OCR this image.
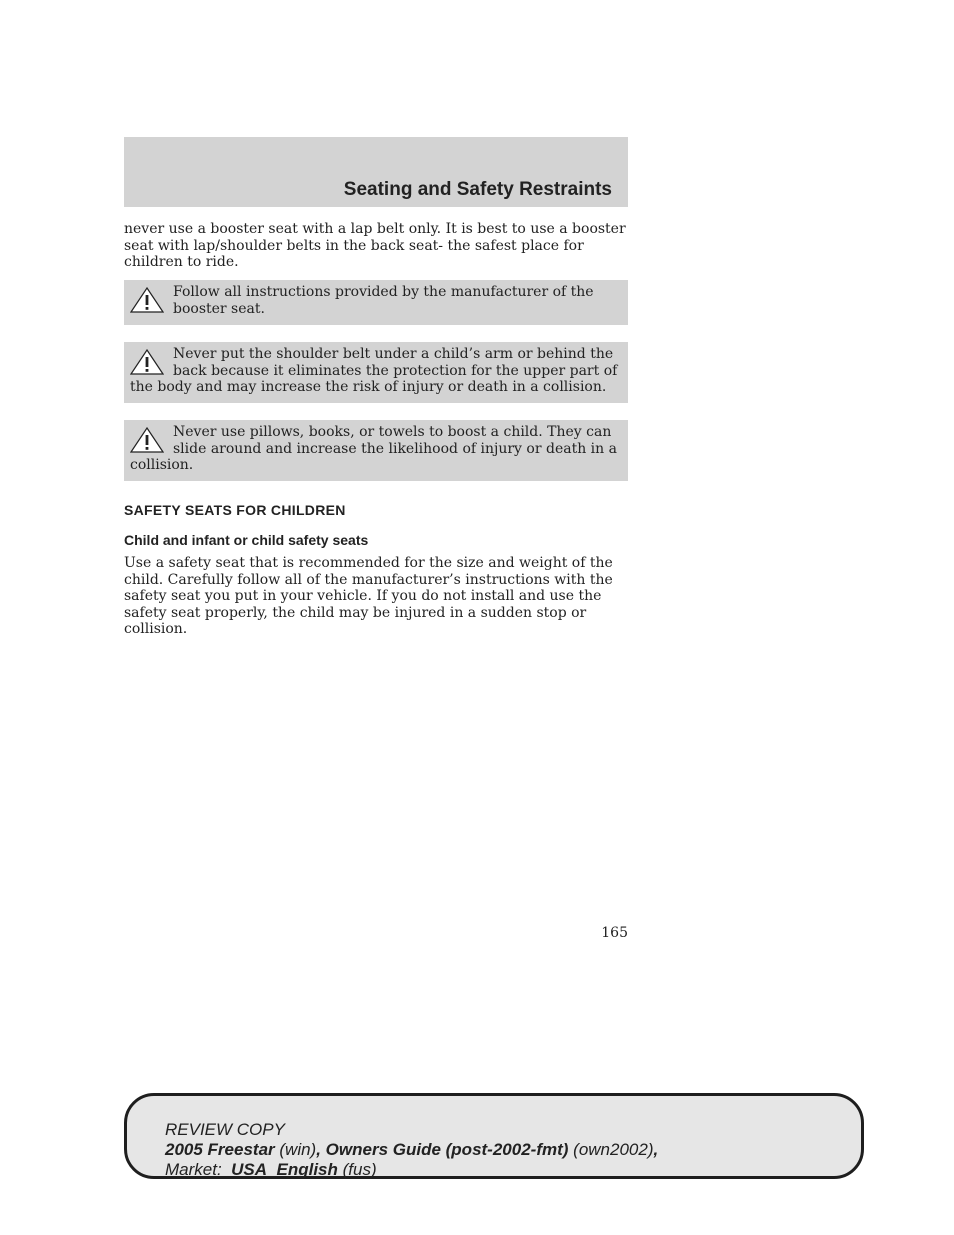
Seating and Safety Restraints
never use a booster seat with a lap belt only. It is best to use a booster seat with lap/shoulder belts in the back seat- the safest place for children to ride.

Follow all instructions provided by the manufacturer of the booster seat.

Never put the shoulder belt under a child’s arm or behind the back because it eliminates the protection for the upper part of the body and may increase the risk of injury or death in a collision.

Never use pillows, books, or towels to boost a child. They can slide around and increase the likelihood of injury or death in a collision.

SAFETY SEATS FOR CHILDREN
Child and infant or child safety seats
Use a safety seat that is recommended for the size and weight of the child. Carefully follow all of the manufacturer’s instructions with the safety seat you put in your vehicle. If you do not install and use the safety seat properly, the child may be injured in a sudden stop or collision.
165
REVIEW COPY
2005 Freestar (win), Owners Guide (post-2002-fmt) (own2002),
Market: USA_English (fus)
